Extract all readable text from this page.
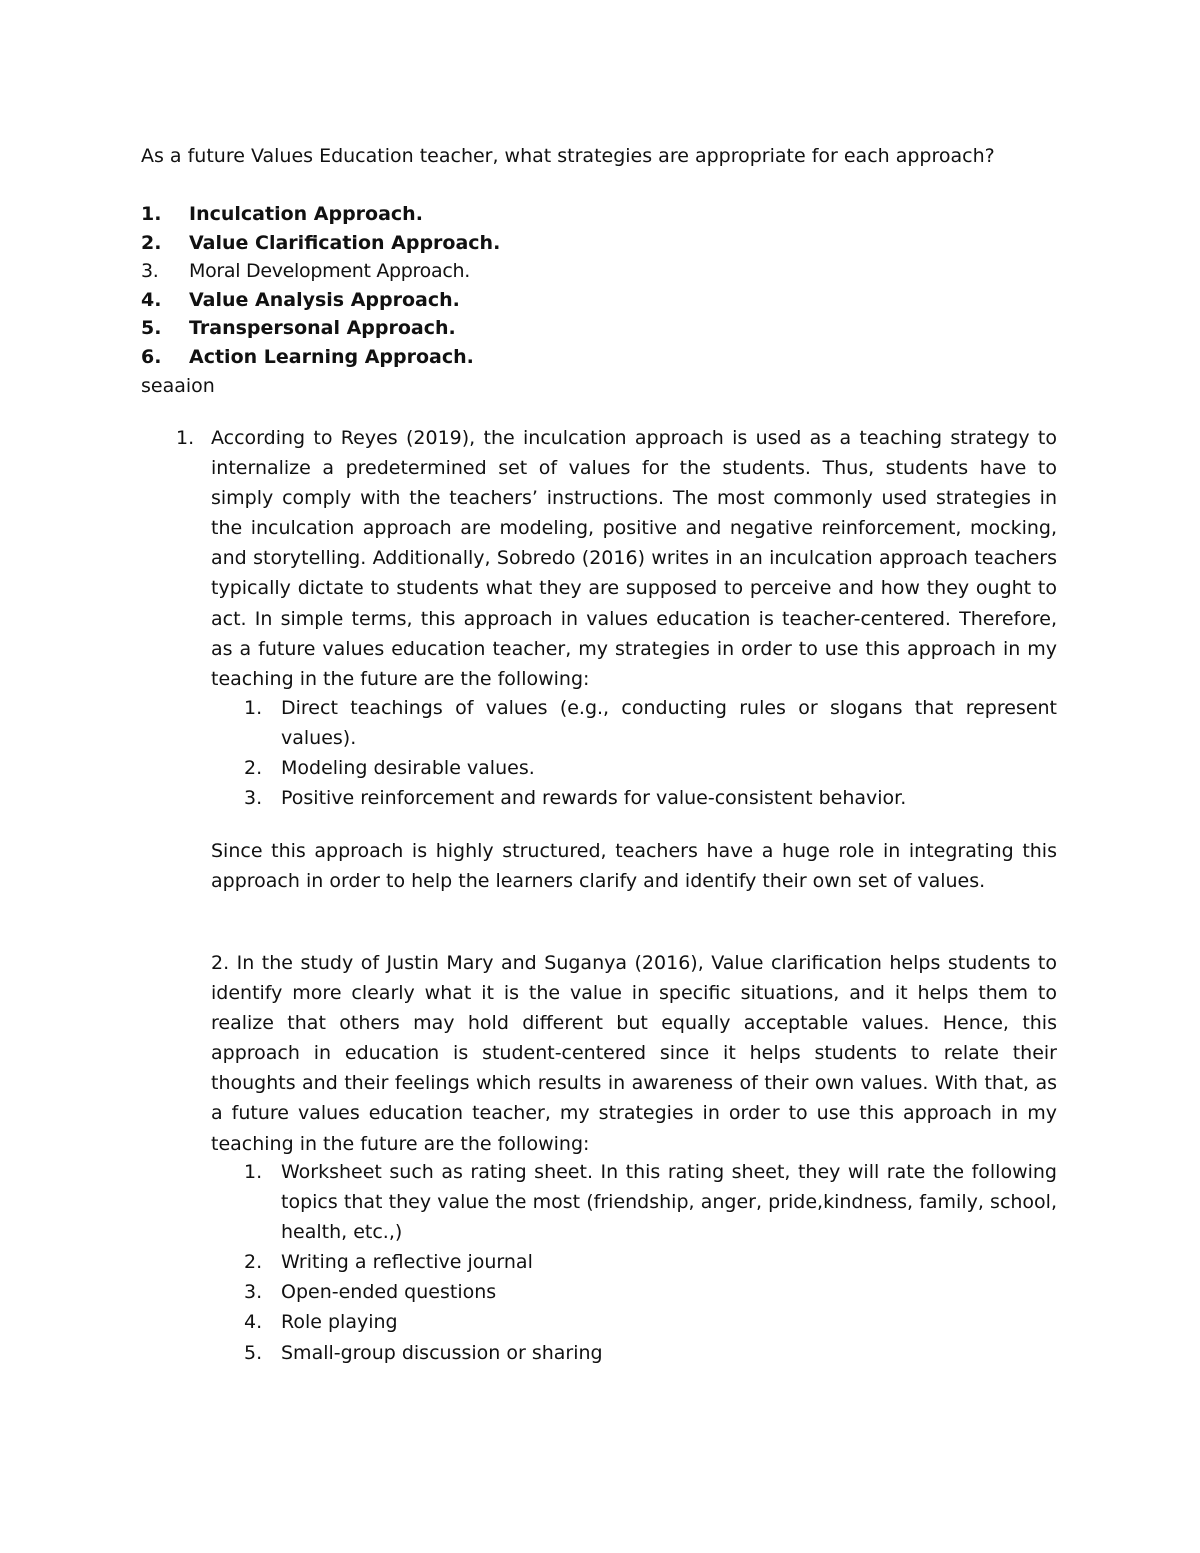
As a future Values Education teacher, what strategies are appropriate for each approach?
1. Inculcation Approach.
2. Value Clarification Approach.
3. Moral Development Approach.
4. Value Analysis Approach.
5. Transpersonal Approach.
6. Action Learning Approach.
seaaion
1. According to Reyes (2019), the inculcation approach is used as a teaching strategy to internalize a predetermined set of values for the students. Thus, students have to simply comply with the teachers’ instructions. The most commonly used strategies in the inculcation approach are modeling, positive and negative reinforcement, mocking, and storytelling. Additionally, Sobredo (2016) writes in an inculcation approach teachers typically dictate to students what they are supposed to perceive and how they ought to act. In simple terms, this approach in values education is teacher-centered. Therefore, as a future values education teacher, my strategies in order to use this approach in my teaching in the future are the following:

1. Direct teachings of values (e.g., conducting rules or slogans that represent values).
2. Modeling desirable values.
3. Positive reinforcement and rewards for value-consistent behavior.

Since this approach is highly structured, teachers have a huge role in integrating this approach in order to help the learners clarify and identify their own set of values.

2. In the study of Justin Mary and Suganya (2016), Value clarification helps students to identify more clearly what it is the value in specific situations, and it helps them to realize that others may hold different but equally acceptable values. Hence, this approach in education is student-centered since it helps students to relate their thoughts and their feelings which results in awareness of their own values. With that, as a future values education teacher, my strategies in order to use this approach in my teaching in the future are the following:

1. Worksheet such as rating sheet. In this rating sheet, they will rate the following topics that they value the most (friendship, anger, pride,kindness, family, school, health, etc.,)
2. Writing a reflective journal
3. Open-ended questions
4. Role playing
5. Small-group discussion or sharing
